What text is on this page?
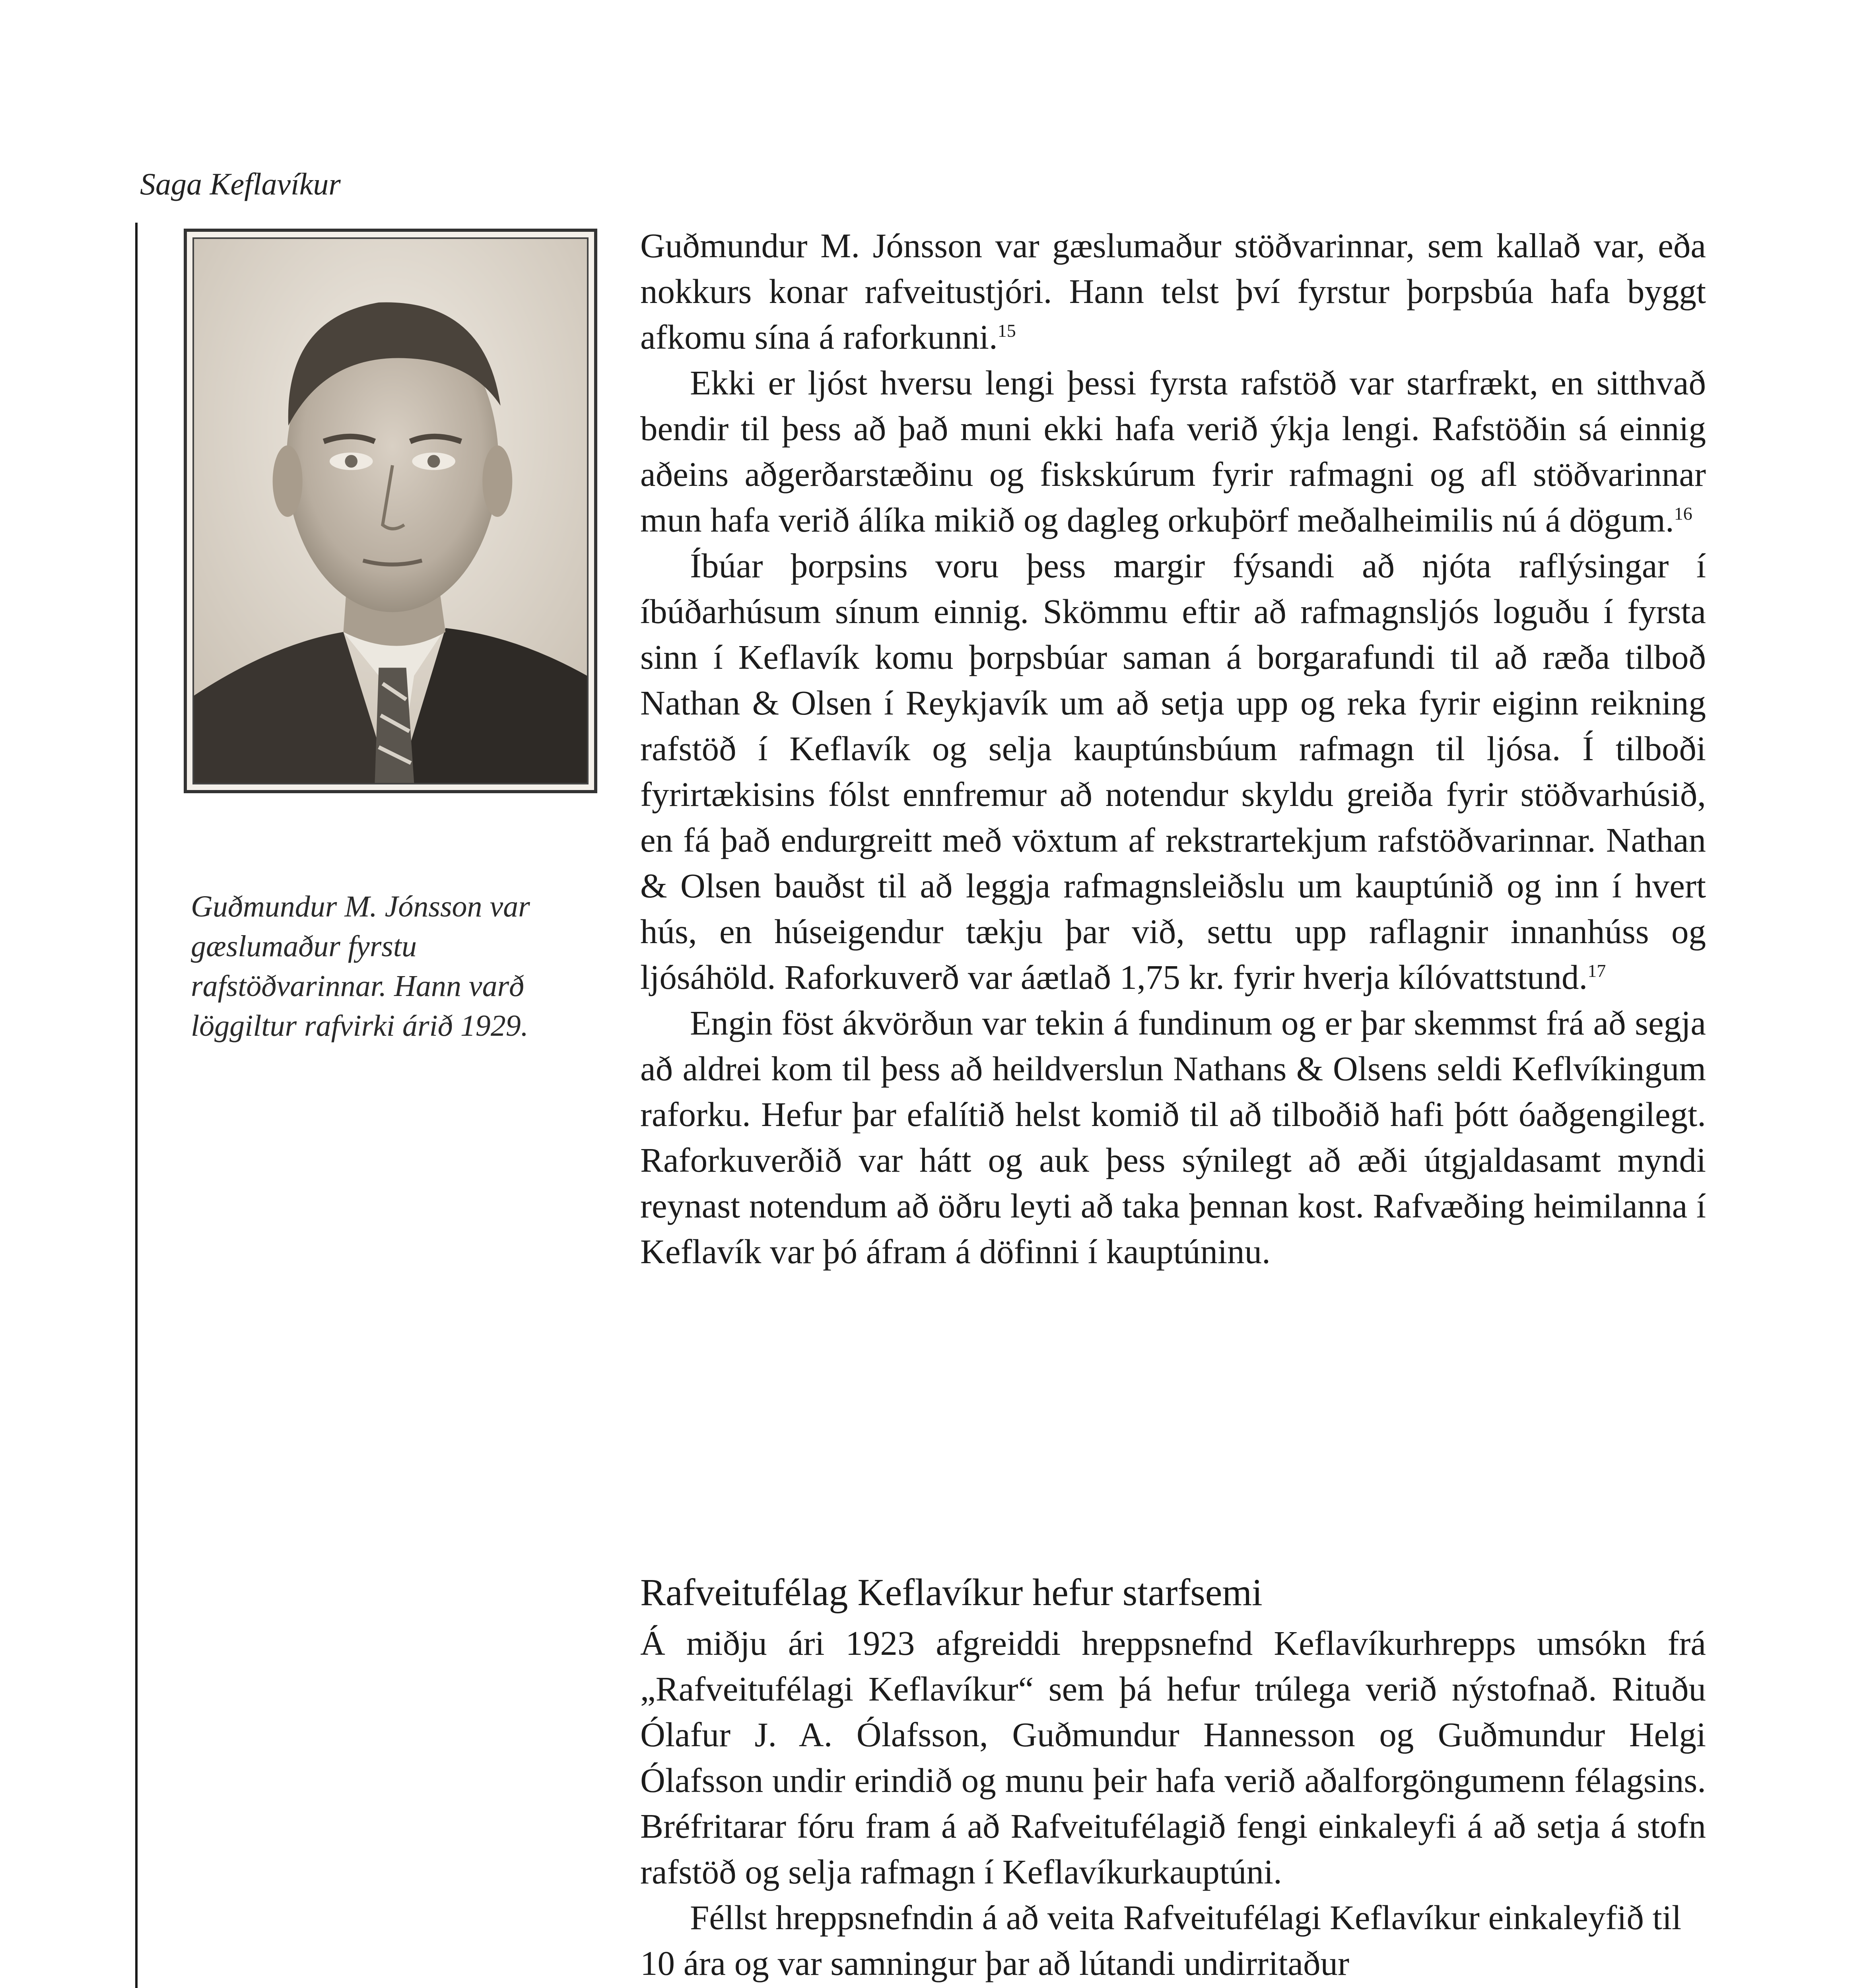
Saga Keflavíkur

Guðmundur M. Jónsson var gæslumaður fyrstu rafstöðvarinnar. Hann varð löggiltur rafvirki árið 1929.

Guðmundur M. Jónsson var gæslumaður stöðvarinnar, sem kallað var, eða nokkurs konar rafveitustjóri. Hann telst því fyrstur þorpsbúa hafa byggt afkomu sína á raforkunni.$^{15}$

Ekki er ljóst hversu lengi þessi fyrsta rafstöð var starfrækt, en sitthvað bendir til þess að það muni ekki hafa verið ýkja lengi. Rafstöðin sá einnig aðeins aðgerðarstæðinu og fiskskúrum fyrir rafmagni og afl stöðvarinnar mun hafa verið álíka mikið og dagleg orkuþörf meðalheimilis nú á dögum.$^{16}$

Íbúar þorpsins voru þess margir fýsandi að njóta raflýsingar í íbúðarhúsum sínum einnig. Skömmu eftir að rafmagnsljós loguðu í fyrsta sinn í Keflavík komu þorpsbúar saman á borgarafundi til að ræða tilboð Nathan & Olsen í Reykjavík um að setja upp og reka fyrir eiginn reikning rafstöð í Keflavík og selja kauptúnsbúum rafmagn til ljósa. Í tilboði fyrirtækisins fólst ennfremur að notendur skyldu greiða fyrir stöðvarhúsið, en fá það endurgreitt með vöxtum af rekstrartekjum rafstöðvarinnar. Nathan & Olsen bauðst til að leggja rafmagnsleiðslu um kauptúnið og inn í hvert hús, en húseigendur tækju þar við, settu upp raflagnir innanhúss og ljósáhöld. Raforkuverð var áætlað 1,75 kr. fyrir hverja kílóvattstund.$^{17}$

Engin föst ákvörðun var tekin á fundinum og er þar skemmst frá að segja að aldrei kom til þess að heildverslun Nathans & Olsens seldi Keflvíkingum raforku. Hefur þar efalítið helst komið til að tilboðið hafi þótt óaðgengilegt. Raforkuverðið var hátt og auk þess sýnilegt að æði útgjaldasamt myndi reynast notendum að öðru leyti að taka þennan kost. Rafvæðing heimilanna í Keflavík var þó áfram á döfinni í kauptúninu.

Rafveitufélag Keflavíkur hefur starfsemi

Á miðju ári 1923 afgreiddi hreppsnefnd Keflavíkurhrepps umsókn frá „Rafveitufélagi Keflavíkur“ sem þá hefur trúlega verið nýstofnað. Rituðu Ólafur J. A. Ólafsson, Guðmundur Hannesson og Guðmundur Helgi Ólafsson undir erindið og munu þeir hafa verið aðalforgöngumenn félagsins. Bréfritarar fóru fram á að Rafveitufélagið fengi einkaleyfi á að setja á stofn rafstöð og selja rafmagn í Keflavíkurkauptúni.

Féllst hreppsnefndin á að veita Rafveitufélagi Keflavíkur einkaleyfið til 10 ára og var samningur þar að lútandi undirritaður
